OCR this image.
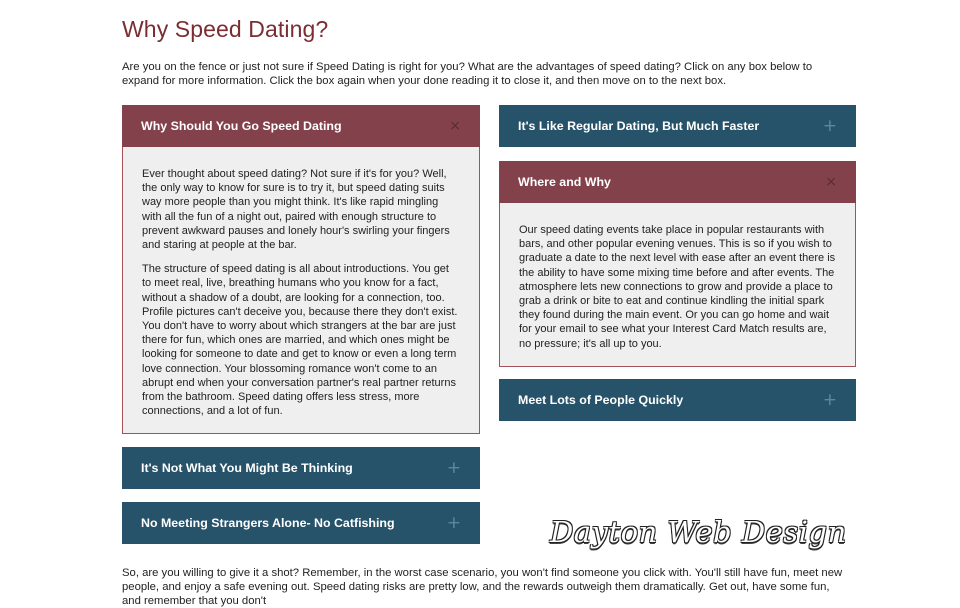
Why Speed Dating?

Are you on the fence or just not sure if Speed Dating is right for you? What are the advantages of speed dating? Click on any box below to expand for more information. Click the box again when your done reading it to close it, and then move on to the next box.

Why Should You Go Speed Dating	×

Ever thought about speed dating? Not sure if it's for you? Well, the only way to know for sure is to try it, but speed dating suits way more people than you might think. It's like rapid mingling with all the fun of a night out, paired with enough structure to prevent awkward pauses and lonely hour's swirling your fingers and staring at people at the bar.

The structure of speed dating is all about introductions. You get to meet real, live, breathing humans who you know for a fact, without a shadow of a doubt, are looking for a connection, too. Profile pictures can't deceive you, because there they don't exist. You don't have to worry about which strangers at the bar are just there for fun, which ones are married, and which ones might be looking for someone to date and get to know or even a long term love connection. Your blossoming romance won't come to an abrupt end when your conversation partner's real partner returns from the bathroom. Speed dating offers less stress, more connections, and a lot of fun.

It's Not What You Might Be Thinking	+
No Meeting Strangers Alone- No Catfishing	+
It's Like Regular Dating, But Much Faster	+
Where and Why	×

Our speed dating events take place in popular restaurants with bars, and other popular evening venues. This is so if you wish to graduate a date to the next level with ease after an event there is the ability to have some mixing time before and after events. The atmosphere lets new connections to grow and provide a place to grab a drink or bite to eat and continue kindling the initial spark they found during the main event. Or you can go home and wait for your email to see what your Interest Card Match results are, no pressure; it's all up to you.

Meet Lots of People Quickly	+
Dayton Web Design

So, are you willing to give it a shot? Remember, in the worst case scenario, you won't find someone you click with. You'll still have fun, meet new people, and enjoy a safe evening out. Speed dating risks are pretty low, and the rewards outweigh them dramatically. Get out, have some fun, and remember that you don't
